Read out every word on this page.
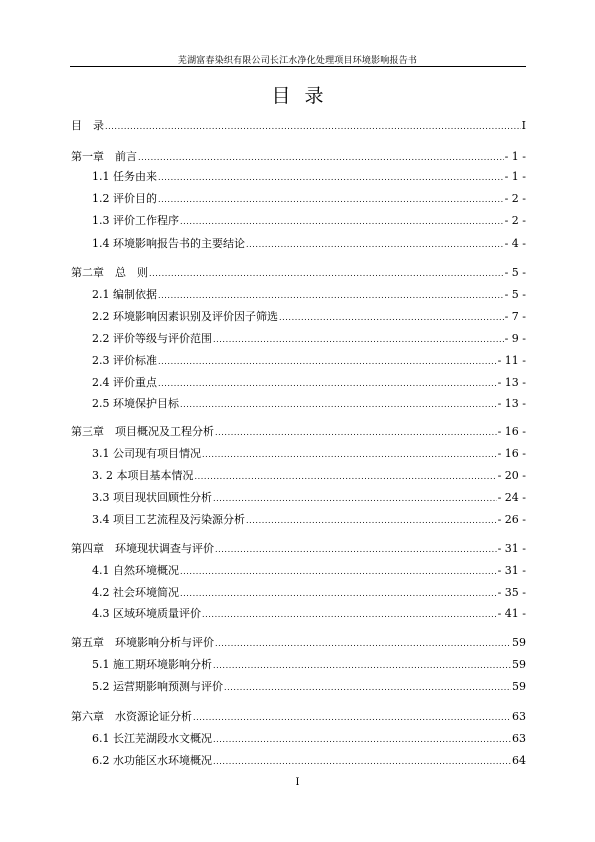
芜湖富春染织有限公司长江水净化处理项目环境影响报告书
目录
目　录 .....	I
第一章　前言 .....	- 1 -
1.1 任务由来 .....	- 1 -
1.2 评价目的 .....	- 2 -
1.3 评价工作程序 .....	- 2 -
1.4 环境影响报告书的主要结论 .....	- 4 -
第二章　总　则 .....	- 5 -
2.1 编制依据 .....	- 5 -
2.2 环境影响因素识别及评价因子筛选 .....	- 7 -
2.2 评价等级与评价范围 .....	- 9 -
2.3 评价标准 .....	- 11 -
2.4 评价重点 .....	- 13 -
2.5 环境保护目标 .....	- 13 -
第三章　项目概况及工程分析 .....	- 16 -
3.1 公司现有项目情况 .....	- 16 -
3. 2 本项目基本情况 .....	- 20 -
3.3 项目现状回顾性分析 .....	- 24 -
3.4 项目工艺流程及污染源分析 .....	- 26 -
第四章　环境现状调查与评价 .....	- 31 -
4.1 自然环境概况 .....	- 31 -
4.2 社会环境简况 .....	- 35 -
4.3 区域环境质量评价 .....	- 41 -
第五章　环境影响分析与评价 .....	59
5.1 施工期环境影响分析 .....	59
5.2 运营期影响预测与评价 .....	59
第六章　水资源论证分析 .....	63
6.1 长江芜湖段水文概况 .....	63
6.2 水功能区水环境概况 .....	64
I
